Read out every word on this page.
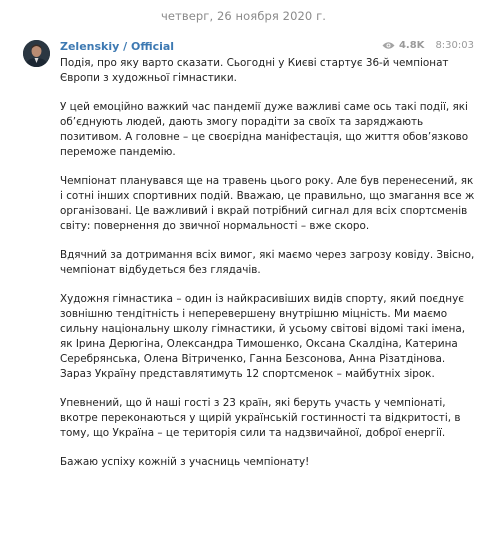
четверг, 26 ноября 2020 г.
Zelenskiy / Official	4.8K 8:30:03

Подія, про яку варто сказати. Сьогодні у Києві стартує 36-й чемпіонат Європи з художньої гімнастики.

У цей емоційно важкий час пандемії дуже важливі саме ось такі події, які об’єднують людей, дають змогу порадіти за своїх та заряджають позитивом. А головне – це своєрідна маніфестація, що життя обов’язково переможе пандемію.

Чемпіонат планувався ще на травень цього року. Але був перенесений, як і сотні інших спортивних подій. Вважаю, це правильно, що змагання все ж організовані. Це важливий і вкрай потрібний сигнал для всіх спортсменів світу: повернення до звичної нормальності – вже скоро.

Вдячний за дотримання всіх вимог, які маємо через загрозу ковіду. Звісно, чемпіонат відбудеться без глядачів.

Художня гімнастика – один із найкрасивіших видів спорту, який поєднує зовнішню тендітність і неперевершену внутрішню міцність. Ми маємо сильну національну школу гімнастики, й усьому світові відомі такі імена, як Ірина Дерюгіна, Олександра Тимошенко, Оксана Скалдіна, Катерина Серебрянська, Олена Вітриченко, Ганна Безсонова, Анна Різатдінова. Зараз Україну представлятимуть 12 спортсменок – майбутніх зірок.

Упевнений, що й наші гості з 23 країн, які беруть участь у чемпіонаті, вкотре переконаються у щирій українській гостинності та відкритості, в тому, що Україна – це територія сили та надзвичайної, доброї енергії.

Бажаю успіху кожній з учасниць чемпіонату!
